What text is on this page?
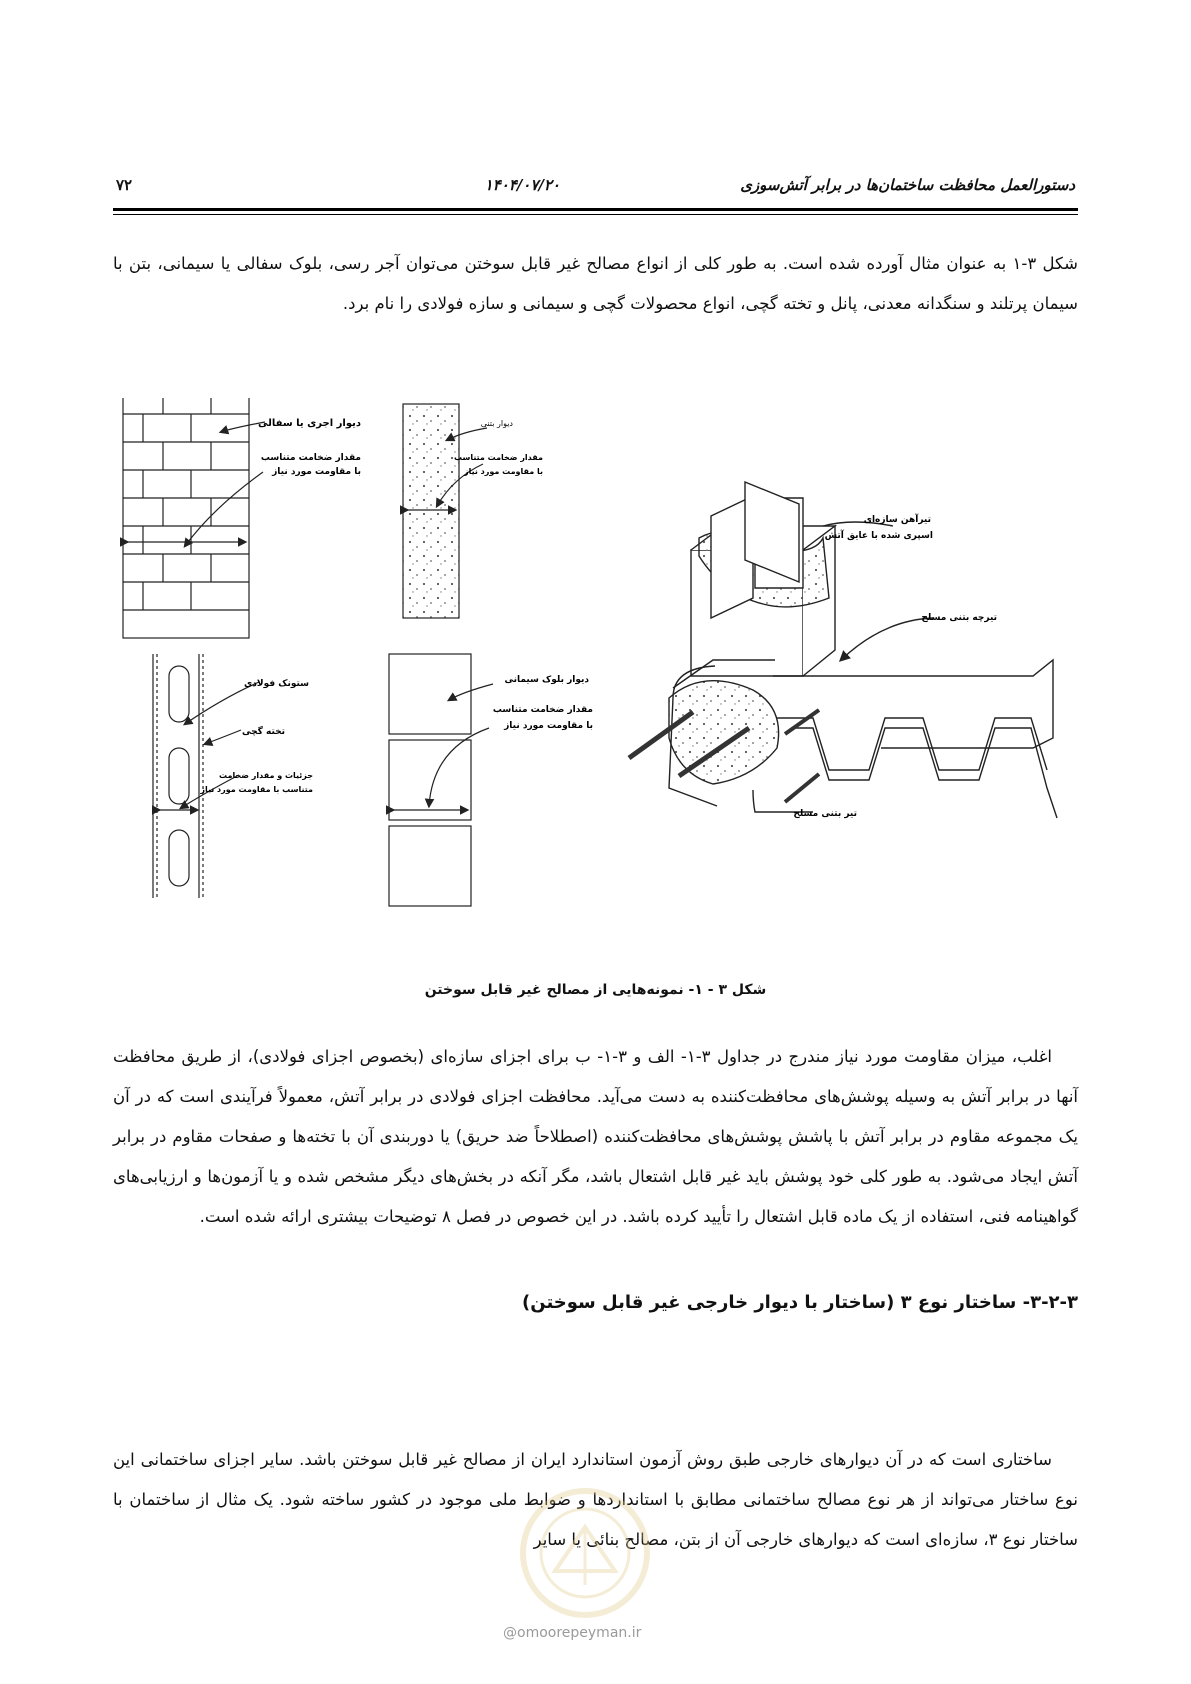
دستورالعمل محافظت ساختمان‌ها در برابر آتش‌سوزی
۱۴۰۴/۰۷/۲۰
۷۲

شکل ۳-۱ به عنوان مثال آورده شده است. به طور کلی از انواع مصالح غیر قابل سوختن می‌توان آجر رسی، بلوک سفالی یا سیمانی، بتن با سیمان پرتلند و سنگدانه معدنی، پانل و تخته گچی، انواع محصولات گچی و سیمانی و سازه فولادی را نام برد.

دیوار اجری یا سفالی
مقدار ضخامت متناسب
با مقاومت مورد نیاز
دیوار بتنی
مقدار ضخامت متناسب
با مقاومت مورد نیاز
ستونک فولادی
تخته گچی
جزئیات و مقدار ضخامت
متناسب با مقاومت مورد نیاز
دیوار بلوک سیمانی
مقدار ضخامت متناسب
با مقاومت مورد نیاز
تیرآهن سازه‌ای
اسپری شده با عایق آتش
تیرچه بتنی مسلح
تیر بتنی مسلح

شکل ۳ - ۱- نمونه‌هایی از مصالح غیر قابل سوختن

اغلب، میزان مقاومت مورد نیاز مندرج در جداول ۳-۱- الف و ۳-۱- ب برای اجزای سازه‌ای (بخصوص اجزای فولادی)، از طریق محافظت آنها در برابر آتش به وسیله پوشش‌های محافظت‌کننده به دست می‌آید. محافظت اجزای فولادی در برابر آتش، معمولاً فرآیندی است که در آن یک مجموعه مقاوم در برابر آتش با پاشش پوشش‌های محافظت‌کننده (اصطلاحاً ضد حریق) یا دوربندی آن با تخته‌ها و صفحات مقاوم در برابر آتش ایجاد می‌شود. به طور کلی خود پوشش باید غیر قابل اشتعال باشد، مگر آنکه در بخش‌های دیگر مشخص شده و یا آزمون‌ها و ارزیابی‌های گواهینامه فنی، استفاده از یک ماده قابل اشتعال را تأیید کرده باشد. در این خصوص در فصل ۸ توضیحات بیشتری ارائه شده است.

۳-۲-۳- ساختار نوع ۳ (ساختار با دیوار خارجی غیر قابل سوختن)

ساختاری است که در آن دیوارهای خارجی طبق روش آزمون استاندارد ایران از مصالح غیر قابل سوختن باشد. سایر اجزای ساختمانی این نوع ساختار می‌تواند از هر نوع مصالح ساختمانی مطابق با استانداردها و ضوابط ملی موجود در کشور ساخته شود. یک مثال از ساختمان با ساختار نوع ۳، سازه‌ای است که دیوارهای خارجی آن از بتن، مصالح بنائی یا سایر

@omoorepeyman.ir
